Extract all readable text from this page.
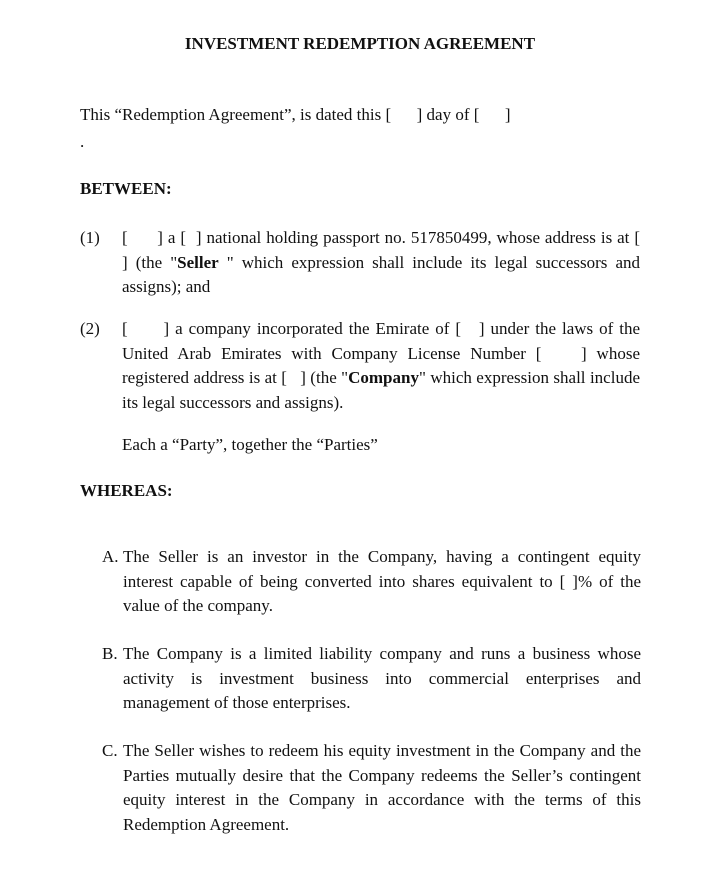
INVESTMENT REDEMPTION AGREEMENT
This “Redemption Agreement”, is dated this [      ] day of [      ]
.
BETWEEN:
(1)	[      ] a [  ] national holding passport no. 517850499, whose address is at [    ] (the "Seller " which expression shall include its legal successors and assigns); and
(2)	[      ] a company incorporated the Emirate of [   ] under the laws of the United Arab Emirates with Company License Number [    ] whose registered address is at [   ] (the "Company" which expression shall include its legal successors and assigns).
Each a “Party”, together the “Parties”
WHEREAS:
A. The Seller is an investor in the Company, having a contingent equity interest capable of being converted into shares equivalent to [ ]% of the value of the company.
B. The Company is a limited liability company and runs a business whose activity is investment business into commercial enterprises and management of those enterprises.
C. The Seller wishes to redeem his equity investment in the Company and the Parties mutually desire that the Company redeems the Seller’s contingent equity interest in the Company in accordance with the terms of this Redemption Agreement.
